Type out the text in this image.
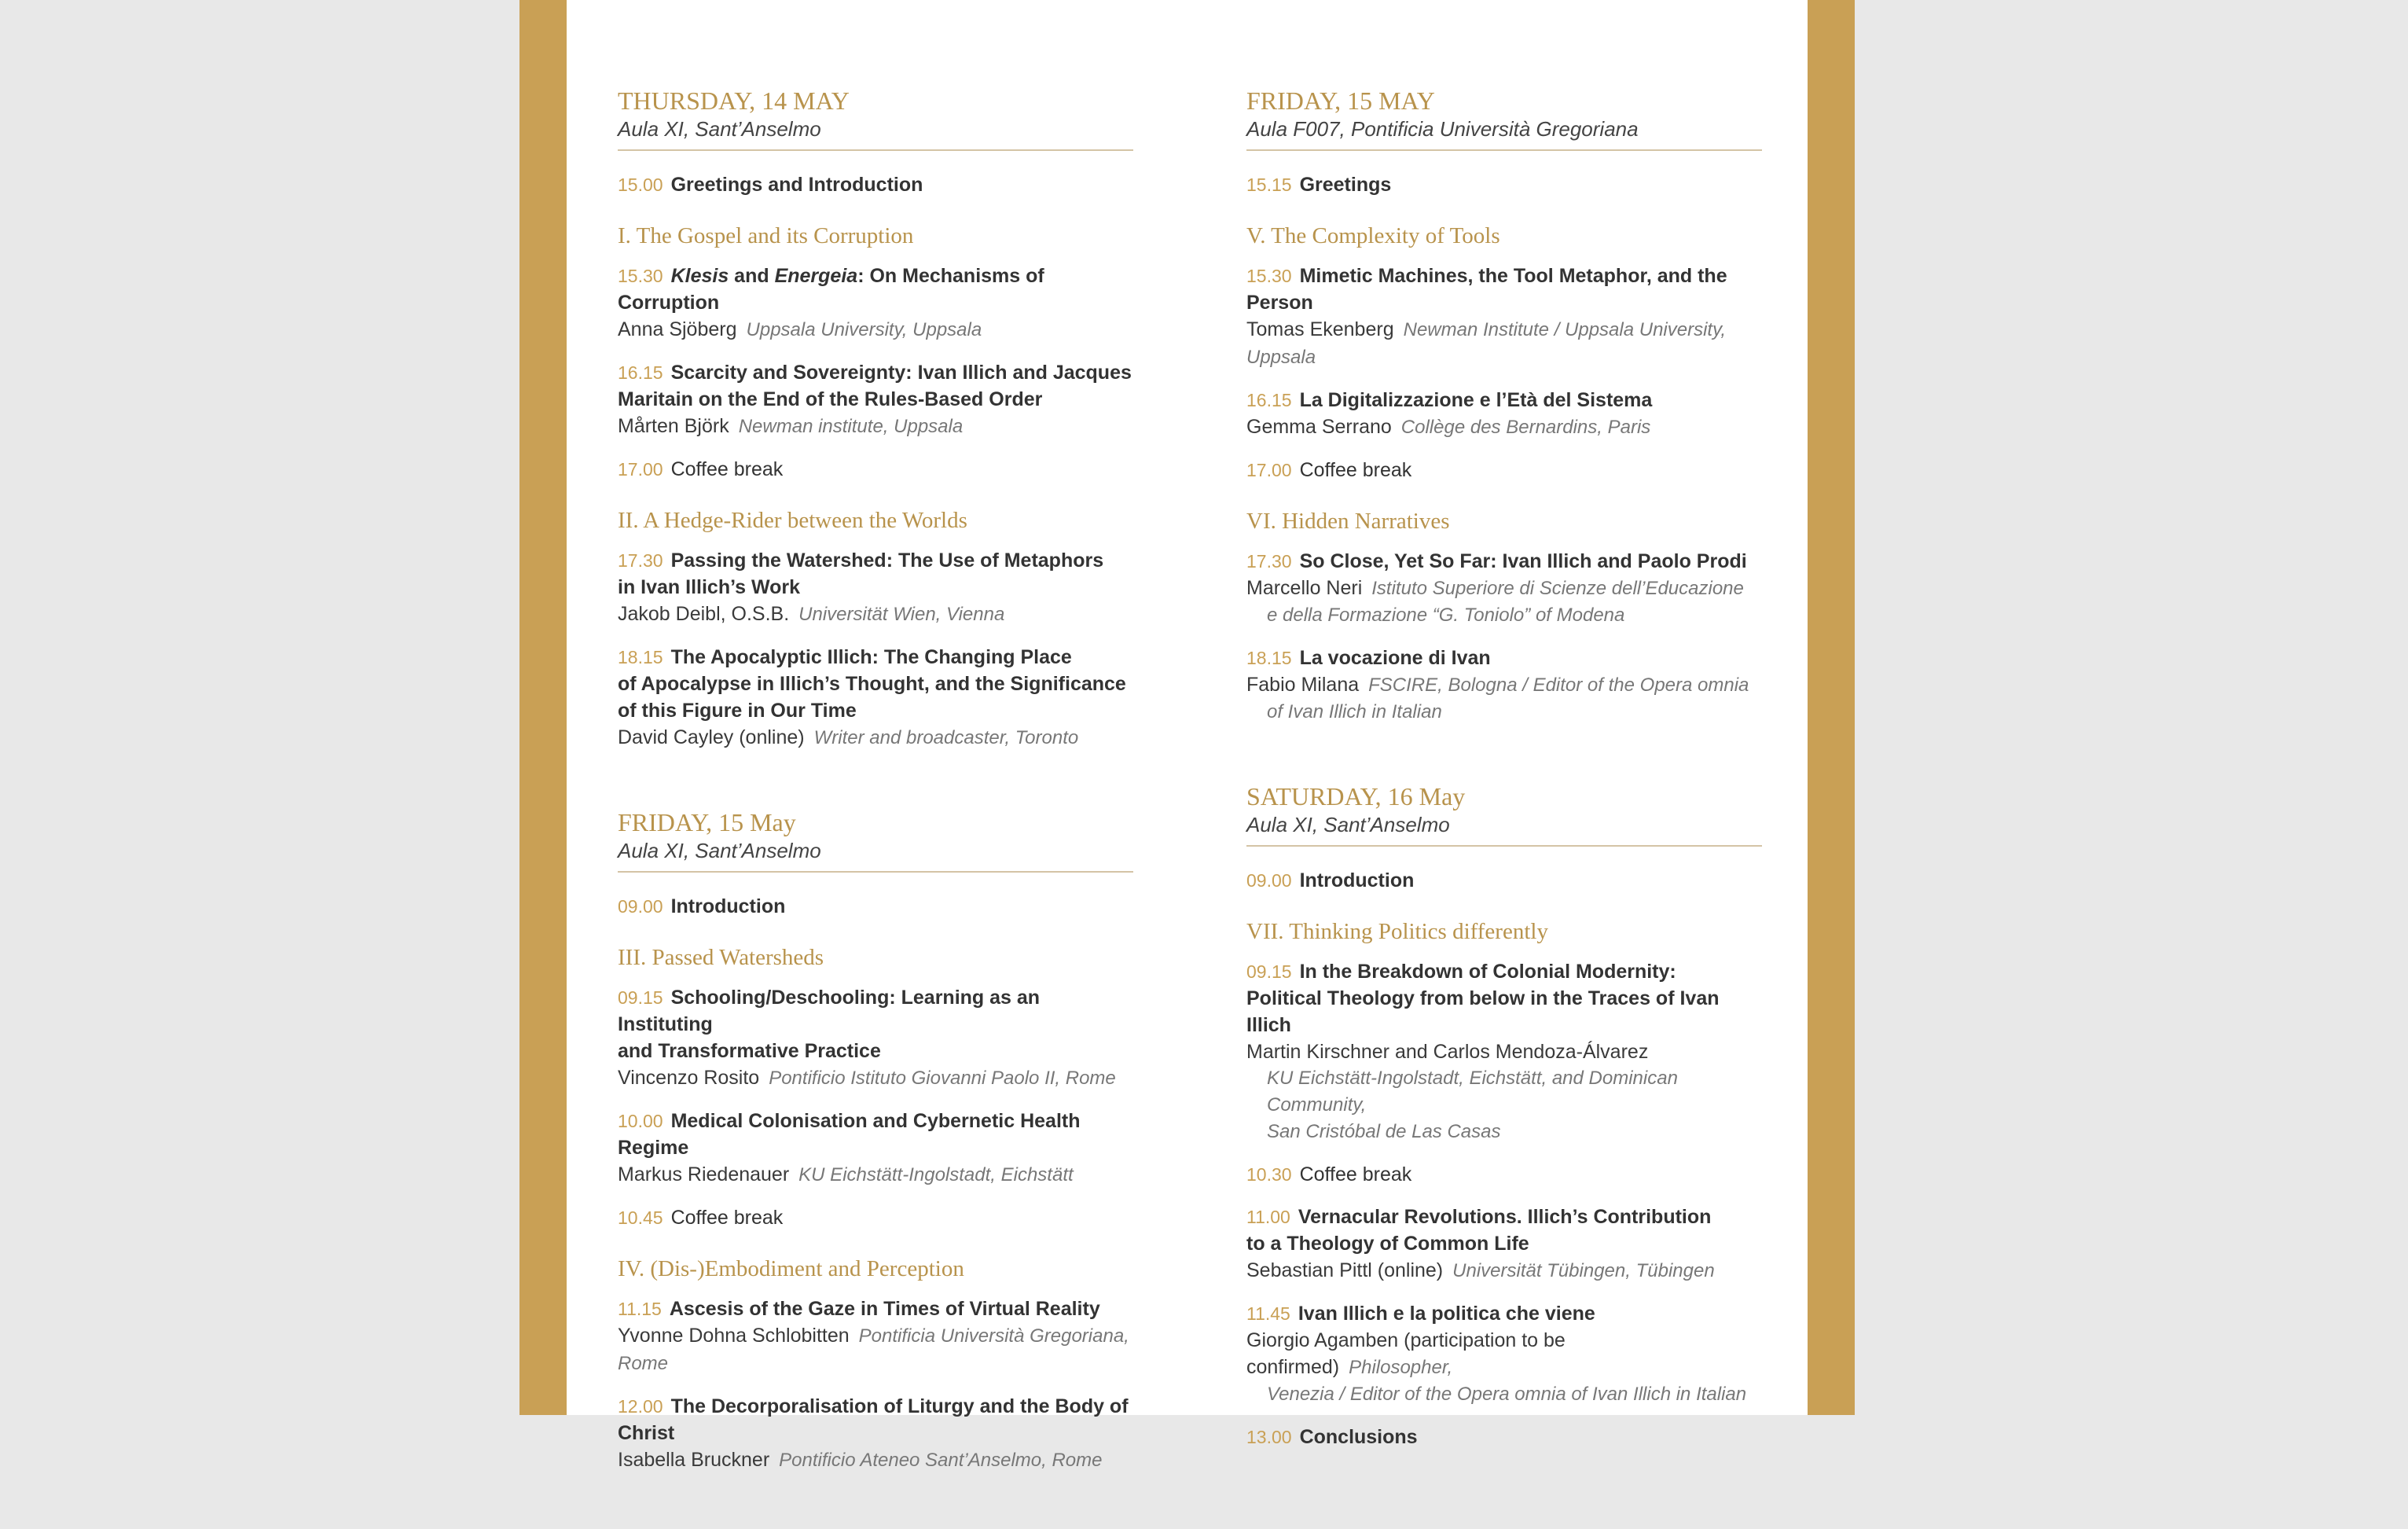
THURSDAY, 14 MAY
Aula XI, Sant’Anselmo
15.00 Greetings and Introduction
I. The Gospel and its Corruption
15.30 Klesis and Energeia: On Mechanisms of Corruption
Anna Sjöberg Uppsala University, Uppsala
16.15 Scarcity and Sovereignty: Ivan Illich and Jacques
Maritain on the End of the Rules-Based Order
Mårten Björk Newman institute, Uppsala
17.00 Coffee break
II. A Hedge-Rider between the Worlds
17.30 Passing the Watershed: The Use of Metaphors
in Ivan Illich’s Work
Jakob Deibl, O.S.B. Universität Wien, Vienna
18.15 The Apocalyptic Illich: The Changing Place
of Apocalypse in Illich’s Thought, and the Significance
of this Figure in Our Time
David Cayley (online) Writer and broadcaster, Toronto
FRIDAY, 15 May
Aula XI, Sant’Anselmo
09.00 Introduction
III. Passed Watersheds
09.15 Schooling/Deschooling: Learning as an Instituting
and Transformative Practice
Vincenzo Rosito Pontificio Istituto Giovanni Paolo II, Rome
10.00 Medical Colonisation and Cybernetic Health Regime
Markus Riedenauer KU Eichstätt-Ingolstadt, Eichstätt
10.45 Coffee break
IV. (Dis-)Embodiment and Perception
11.15 Ascesis of the Gaze in Times of Virtual Reality
Yvonne Dohna Schlobitten Pontificia Università Gregoriana, Rome
12.00 The Decorporalisation of Liturgy and the Body of Christ
Isabella Bruckner Pontificio Ateneo Sant’Anselmo, Rome
FRIDAY, 15 MAY
Aula F007, Pontificia Università Gregoriana
15.15 Greetings
V. The Complexity of Tools
15.30 Mimetic Machines, the Tool Metaphor, and the Person
Tomas Ekenberg Newman Institute / Uppsala University, Uppsala
16.15 La Digitalizzazione e l’Età del Sistema
Gemma Serrano Collège des Bernardins, Paris
17.00 Coffee break
VI. Hidden Narratives
17.30 So Close, Yet So Far: Ivan Illich and Paolo Prodi
Marcello Neri Istituto Superiore di Scienze dell’Educazione
e della Formazione “G. Toniolo” of Modena
18.15 La vocazione di Ivan
Fabio Milana FSCIRE, Bologna / Editor of the Opera omnia
of Ivan Illich in Italian
SATURDAY, 16 May
Aula XI, Sant’Anselmo
09.00 Introduction
VII. Thinking Politics differently
09.15 In the Breakdown of Colonial Modernity:
Political Theology from below in the Traces of Ivan Illich
Martin Kirschner and Carlos Mendoza-Álvarez
KU Eichstätt-Ingolstadt, Eichstätt, and Dominican Community,
San Cristóbal de Las Casas
10.30 Coffee break
11.00 Vernacular Revolutions. Illich’s Contribution
to a Theology of Common Life
Sebastian Pittl (online) Universität Tübingen, Tübingen
11.45 Ivan Illich e la politica che viene
Giorgio Agamben (participation to be confirmed) Philosopher,
Venezia / Editor of the Opera omnia of Ivan Illich in Italian
13.00 Conclusions
